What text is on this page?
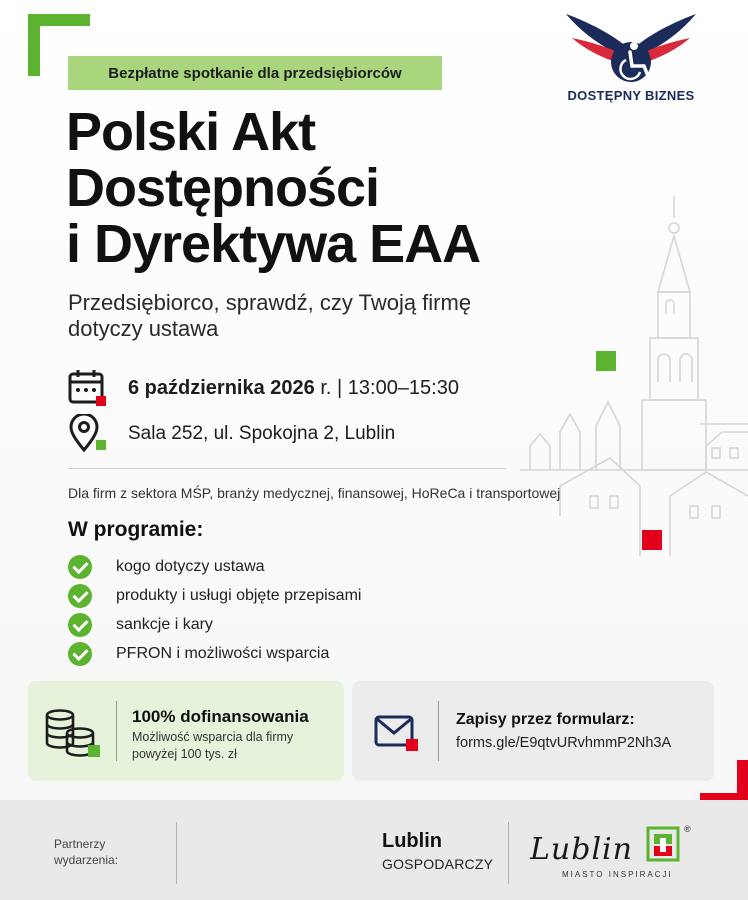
Bezpłatne spotkanie dla przedsiębiorców
DOSTĘPNY BIZNES
Polski Akt
Dostępności
i Dyrektywa EAA
Przedsiębiorco, sprawdź, czy Twoją firmę
dotyczy ustawa
6 października 2026 r. | 13:00–15:30
Sala 252, ul. Spokojna 2, Lublin
Dla firm z sektora MŚP, branży medycznej, finansowej, HoReCa i transportowej
W programie:
kogo dotyczy ustawa
produkty i usługi objęte przepisami
sankcje i kary
PFRON i możliwości wsparcia
100% dofinansowania
Możliwość wsparcia dla firmy
powyżej 100 tys. zł
Zapisy przez formularz:
forms.gle/E9qtvURvhmmP2Nh3A
Partnerzy
wydarzenia:
Lublin
GOSPODARCZY Lublin
®
MIASTO INSPIRACJI
